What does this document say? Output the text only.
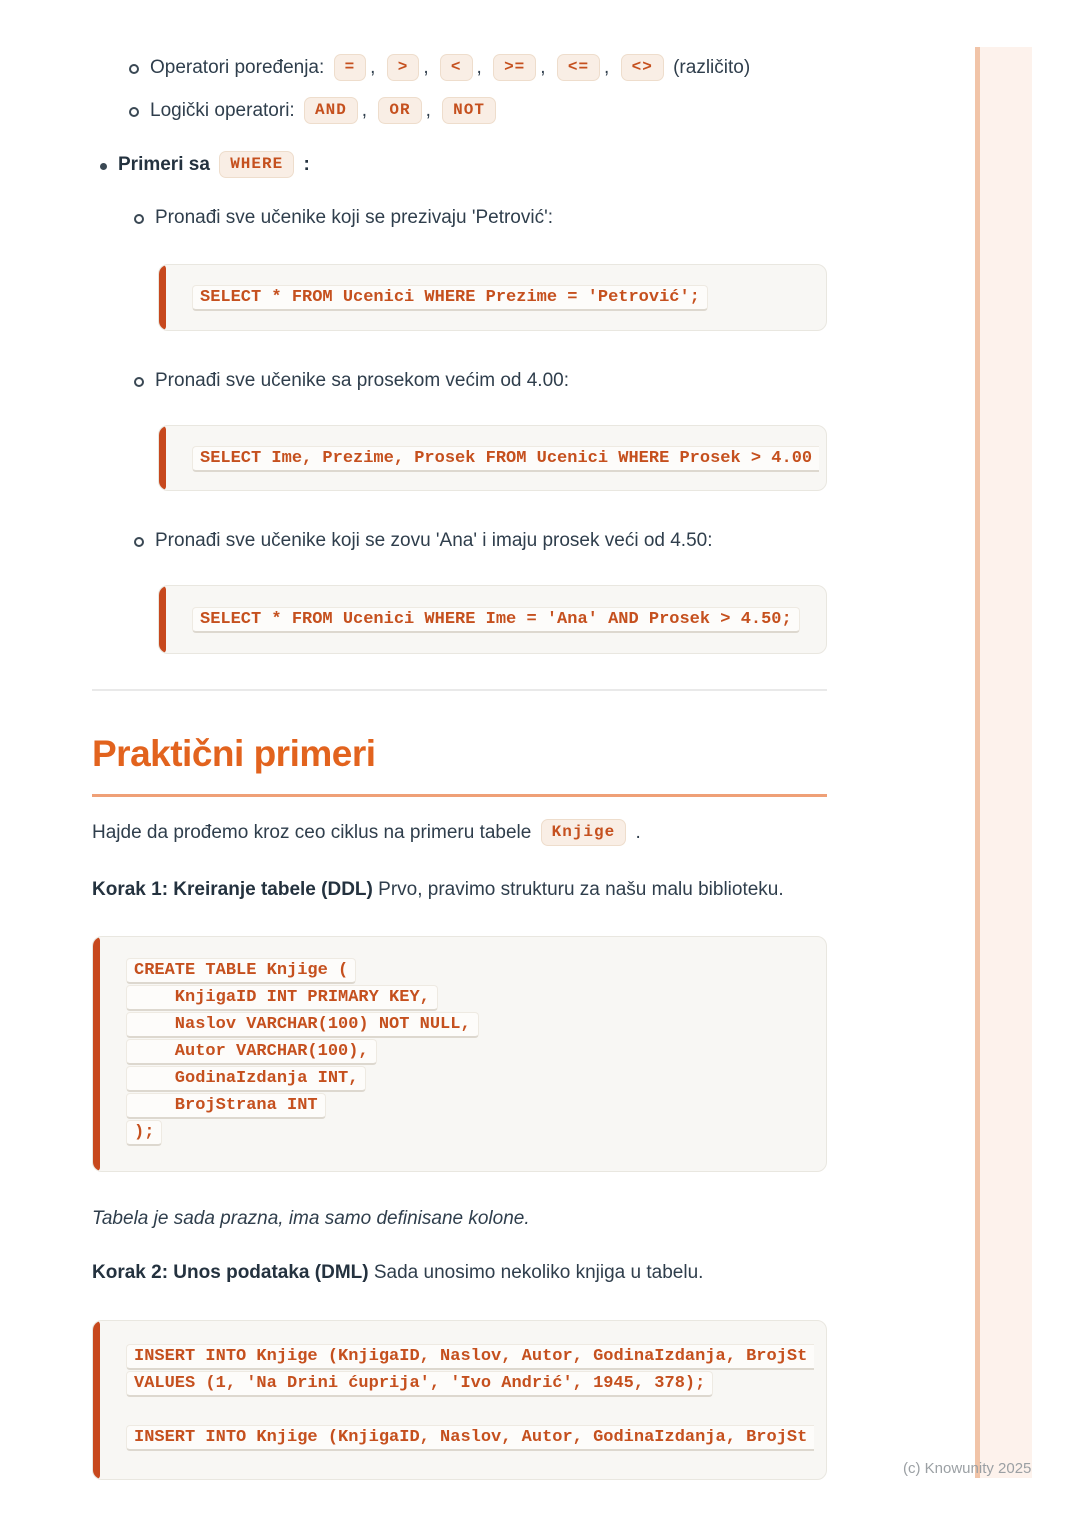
Operatori poređenja: = , > , < , >= , <= , <> (različito)
Logički operatori: AND , OR , NOT
Primeri sa WHERE :
Pronađi sve učenike koji se prezivaju 'Petrović':
SELECT * FROM Ucenici WHERE Prezime = 'Petrović';
Pronađi sve učenike sa prosekom većim od 4.00:
SELECT Ime, Prezime, Prosek FROM Ucenici WHERE Prosek > 4.00
Pronađi sve učenike koji se zovu 'Ana' i imaju prosek veći od 4.50:
SELECT * FROM Ucenici WHERE Ime = 'Ana' AND Prosek > 4.50;
Praktični primeri
Hajde da prođemo kroz ceo ciklus na primeru tabele Knjige .
Korak 1: Kreiranje tabele (DDL) Prvo, pravimo strukturu za našu malu biblioteku.
CREATE TABLE Knjige (
KnjigaID INT PRIMARY KEY,
Naslov VARCHAR(100) NOT NULL,
Autor VARCHAR(100),
GodinaIzdanja INT,
BrojStrana INT
);
Tabela je sada prazna, ima samo definisane kolone.
Korak 2: Unos podataka (DML) Sada unosimo nekoliko knjiga u tabelu.
INSERT INTO Knjige (KnjigaID, Naslov, Autor, GodinaIzdanja, BrojSt
VALUES (1, 'Na Drini ćuprija', 'Ivo Andrić', 1945, 378);
INSERT INTO Knjige (KnjigaID, Naslov, Autor, GodinaIzdanja, BrojSt
(c) Knowunity 2025
